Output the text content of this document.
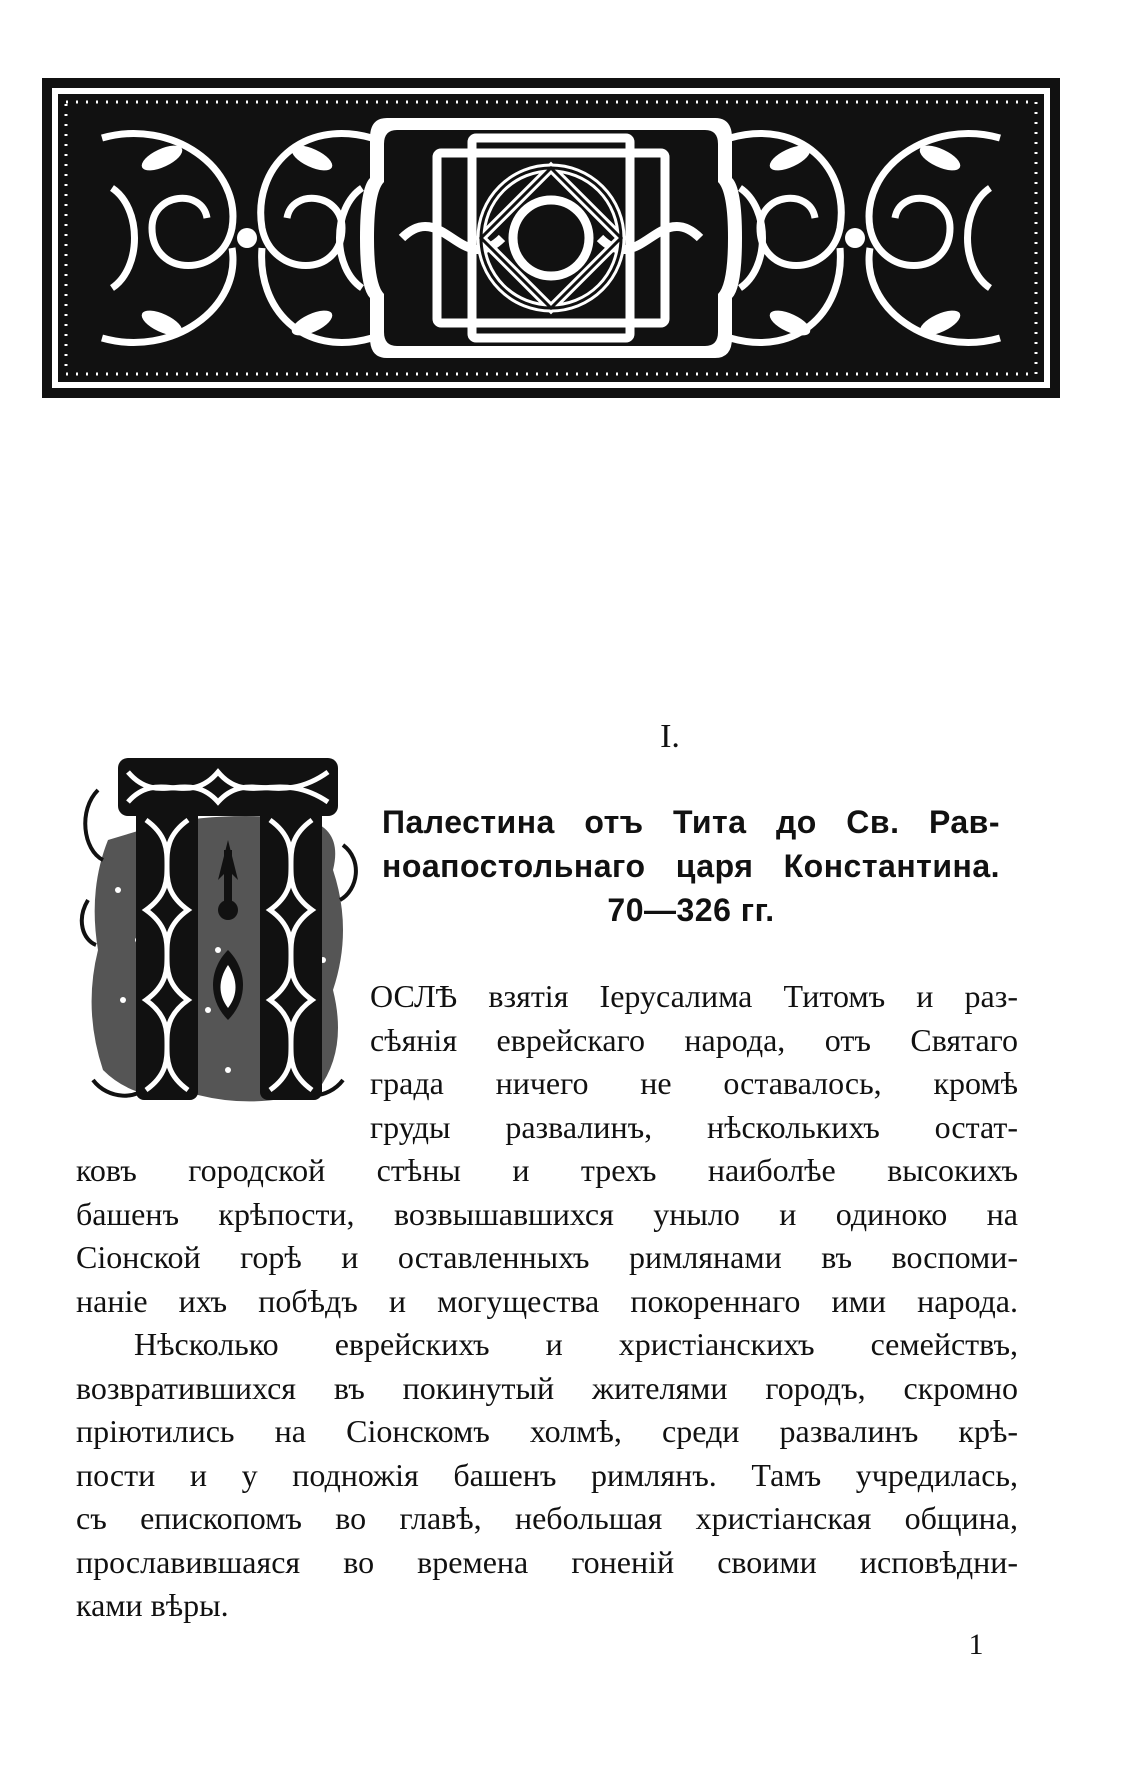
I.
Палестина отъ Тита до Св. Рав-
ноапостольнаго царя Константина.
70—326 гг.
ОСЛѢ взятія Іерусалима Титомъ и раз-
сѣянія еврейскаго народа, отъ Святаго
града ничего не оставалось, кромѣ
груды развалинъ, нѣсколькихъ остат-
ковъ городской стѣны и трехъ наиболѣе высокихъ
башенъ крѣпости, возвышавшихся уныло и одиноко на
Сіонской горѣ и оставленныхъ римлянами въ воспоми-
наніе ихъ побѣдъ и могущества покореннаго ими народа.
Нѣсколько еврейскихъ и христіанскихъ семействъ,
возвратившихся въ покинутый жителями городъ, скромно
пріютились на Сіонскомъ холмѣ, среди развалинъ крѣ-
пости и у подножія башенъ римлянъ. Тамъ учредилась,
съ епископомъ во главѣ, небольшая христіанская община,
прославившаяся во времена гоненій своими исповѣдни-
ками вѣры.
1
